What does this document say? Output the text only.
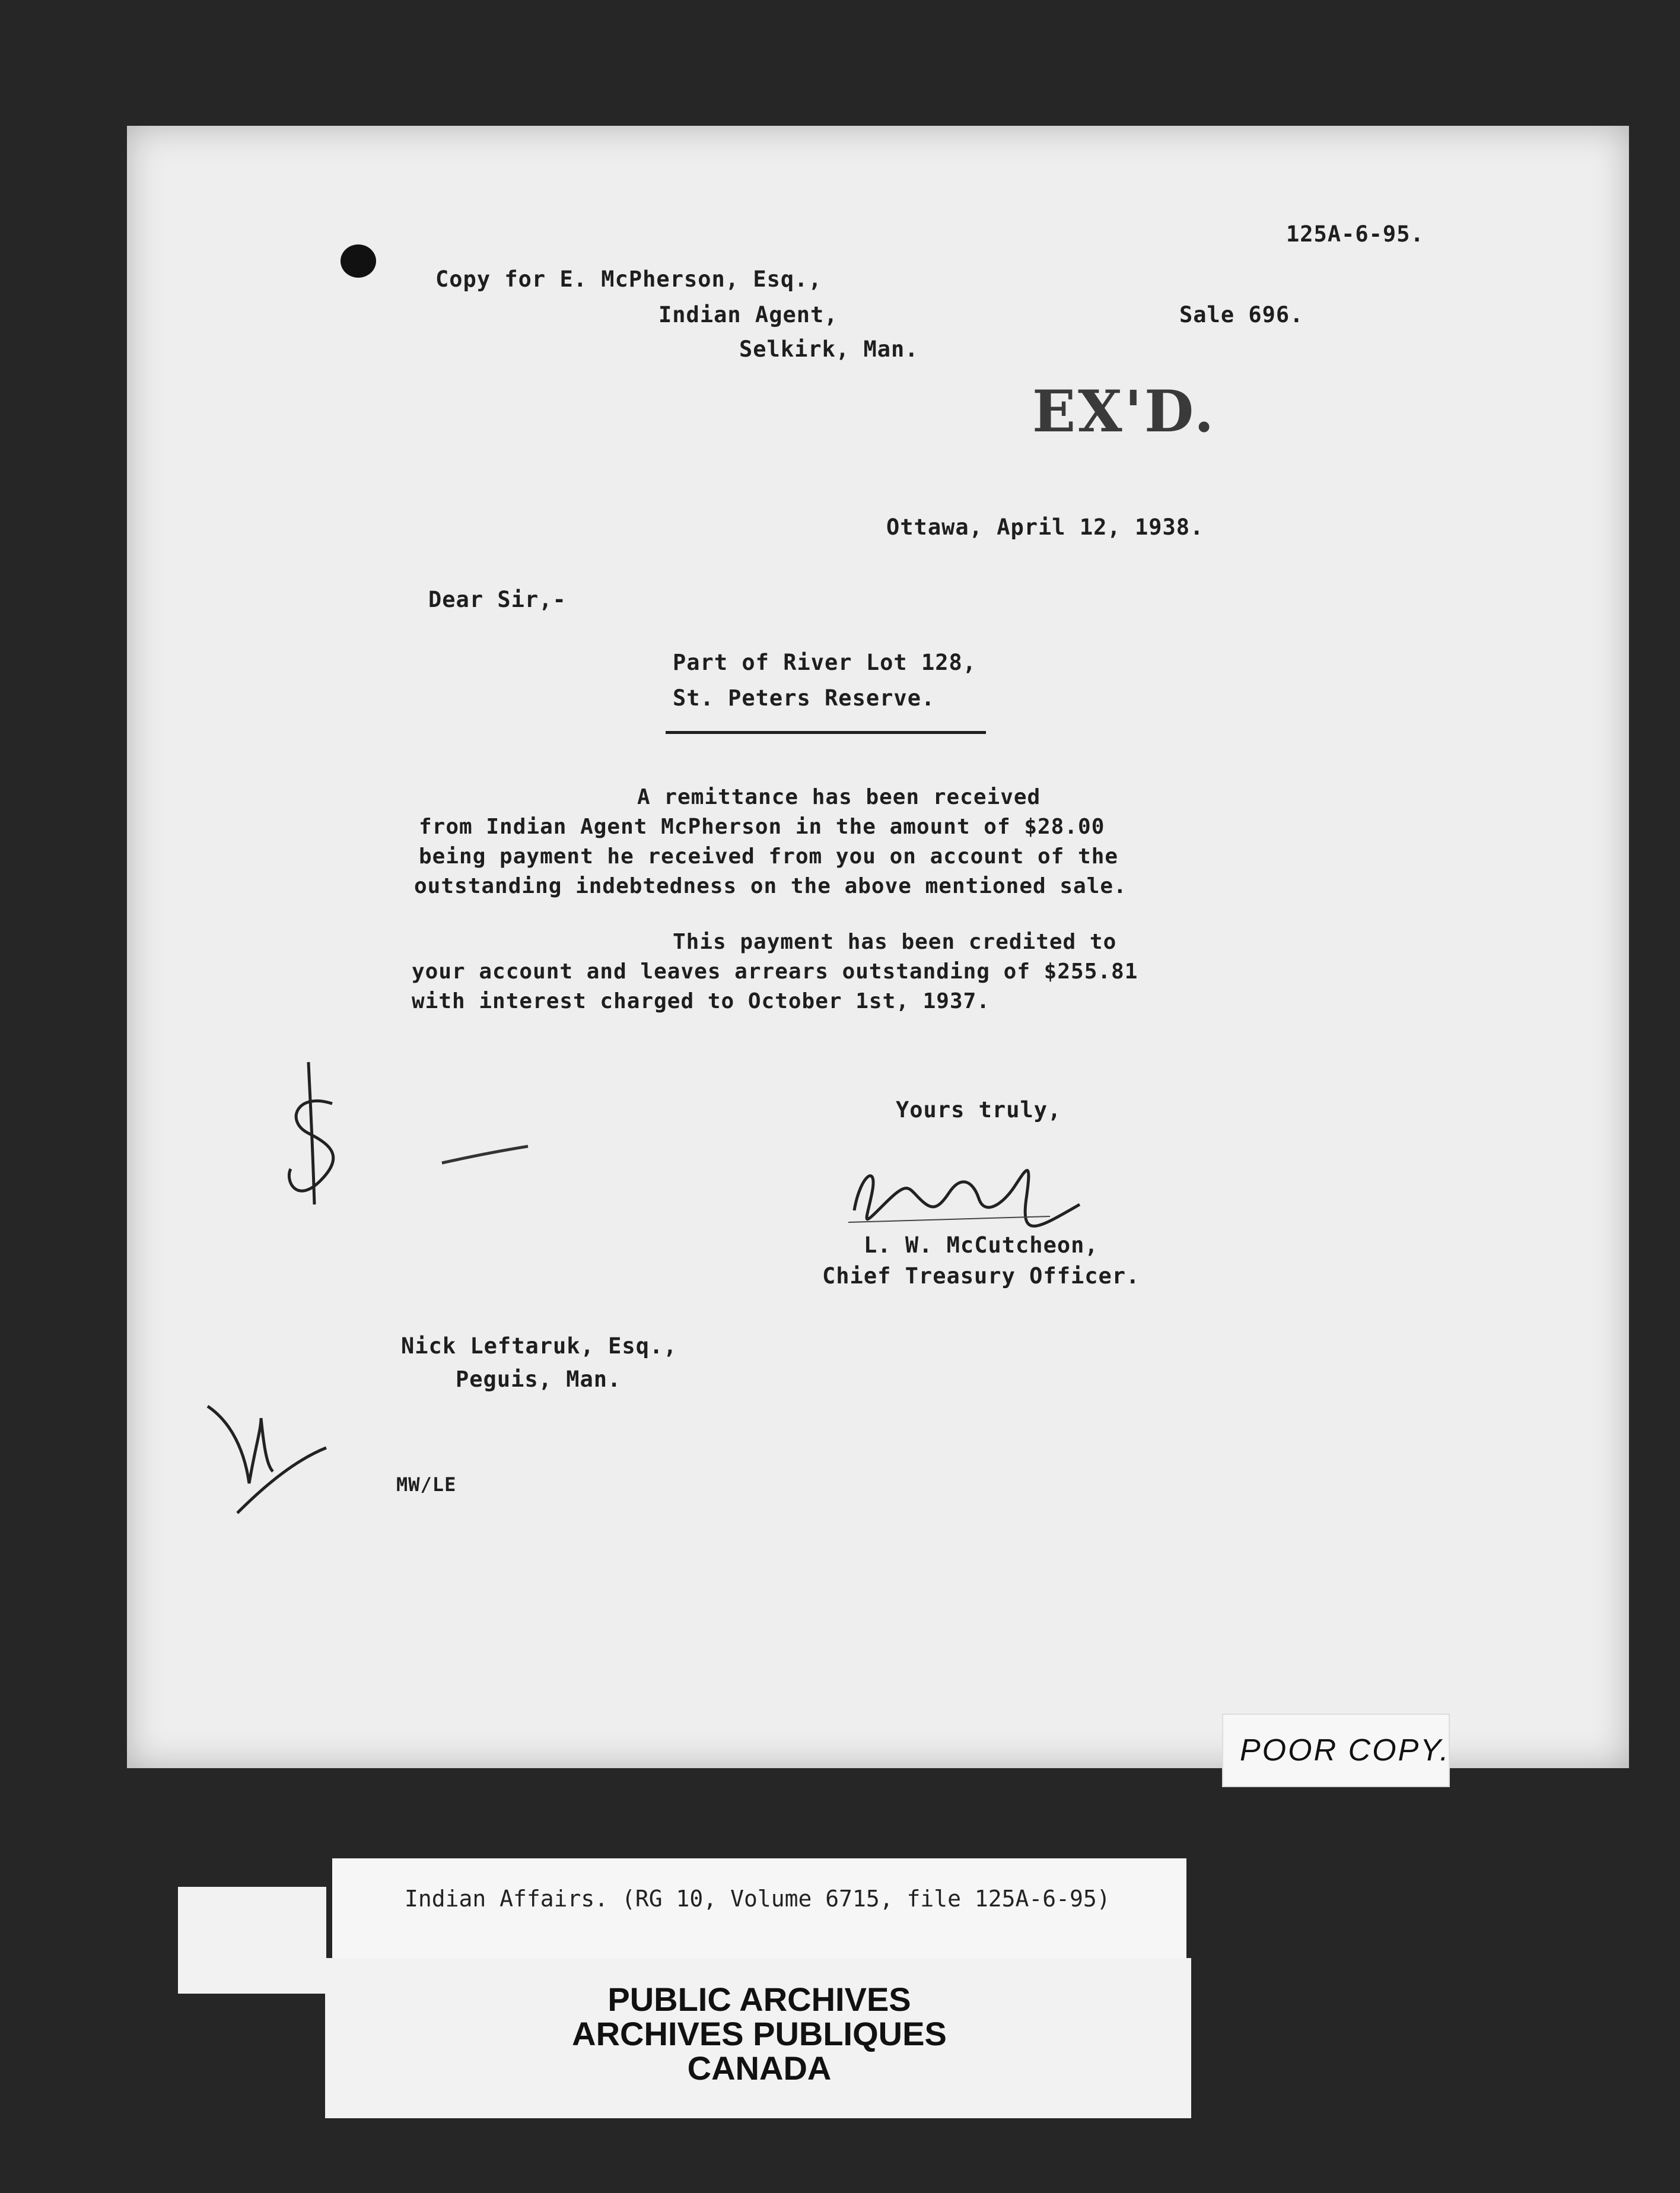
125A-6-95.
Copy for E. McPherson, Esq.,
Indian Agent,
Selkirk, Man.
Sale 696.
EX'D.
Ottawa, April 12, 1938.
Dear Sir,-
Part of River Lot 128,
St. Peters Reserve.
A remittance has been received
from Indian Agent McPherson in the amount of $28.00
being payment he received from you on account of the
outstanding indebtedness on the above mentioned sale.
This payment has been credited to
your account and leaves arrears outstanding of $255.81
with interest charged to October 1st, 1937.
Yours truly,
L. W. McCutcheon,
Chief Treasury Officer.
Nick Leftaruk, Esq.,
Peguis, Man.
MW/LE
Indian Affairs. (RG 10, Volume 6715, file 125A-6-95)
PUBLIC ARCHIVES
ARCHIVES PUBLIQUES
CANADA
POOR COPY.
